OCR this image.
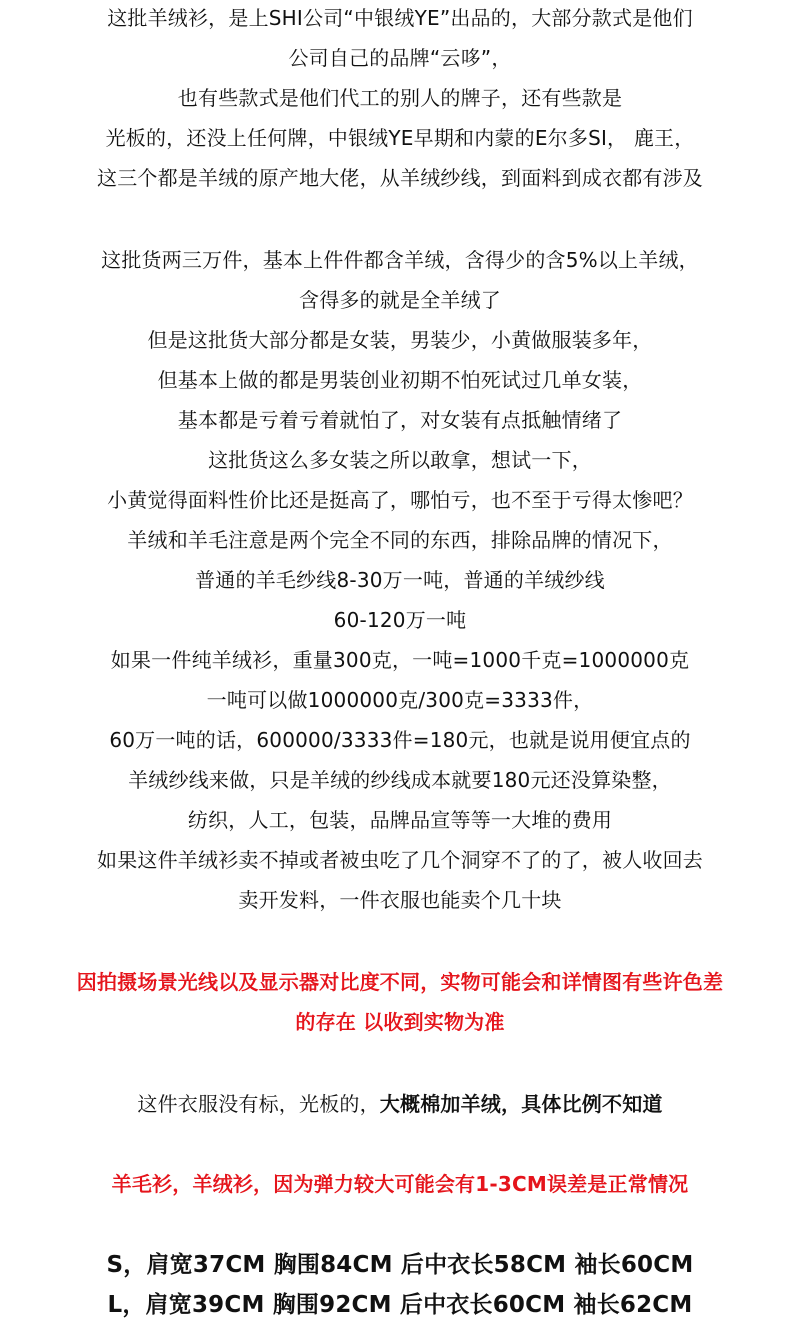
这批羊绒衫，是上SHI公司“中银绒YE”出品的，大部分款式是他们
公司自己的品牌“云哆”，
也有些款式是他们代工的别人的牌子，还有些款是
光板的，还没上任何牌，中银绒YE早期和内蒙的E尔多SI， 鹿王，
这三个都是羊绒的原产地大佬，从羊绒纱线，到面料到成衣都有涉及
这批货两三万件，基本上件件都含羊绒，含得少的含5%以上羊绒，
含得多的就是全羊绒了
但是这批货大部分都是女装，男装少，小黄做服装多年，
但基本上做的都是男装创业初期不怕死试过几单女装，
基本都是亏着亏着就怕了，对女装有点抵触情绪了
这批货这么多女装之所以敢拿，想试一下，
小黄觉得面料性价比还是挺高了，哪怕亏，也不至于亏得太惨吧？
羊绒和羊毛注意是两个完全不同的东西，排除品牌的情况下，
普通的羊毛纱线8-30万一吨，普通的羊绒纱线
60-120万一吨
如果一件纯羊绒衫，重量300克，一吨=1000千克=1000000克
一吨可以做1000000克/300克=3333件，
60万一吨的话，600000/3333件=180元，也就是说用便宜点的
羊绒纱线来做，只是羊绒的纱线成本就要180元还没算染整，
纺织，人工，包装，品牌品宣等等一大堆的费用
如果这件羊绒衫卖不掉或者被虫吃了几个洞穿不了的了，被人收回去
卖开发料，一件衣服也能卖个几十块
因拍摄场景光线以及显示器对比度不同，实物可能会和详情图有些许色差
的存在 以收到实物为准
这件衣服没有标，光板的，大概棉加羊绒，具体比例不知道
羊毛衫，羊绒衫，因为弹力较大可能会有1-3CM误差是正常情况
S，肩宽37CM 胸围84CM 后中衣长58CM 袖长60CM
L，肩宽39CM 胸围92CM 后中衣长60CM 袖长62CM
